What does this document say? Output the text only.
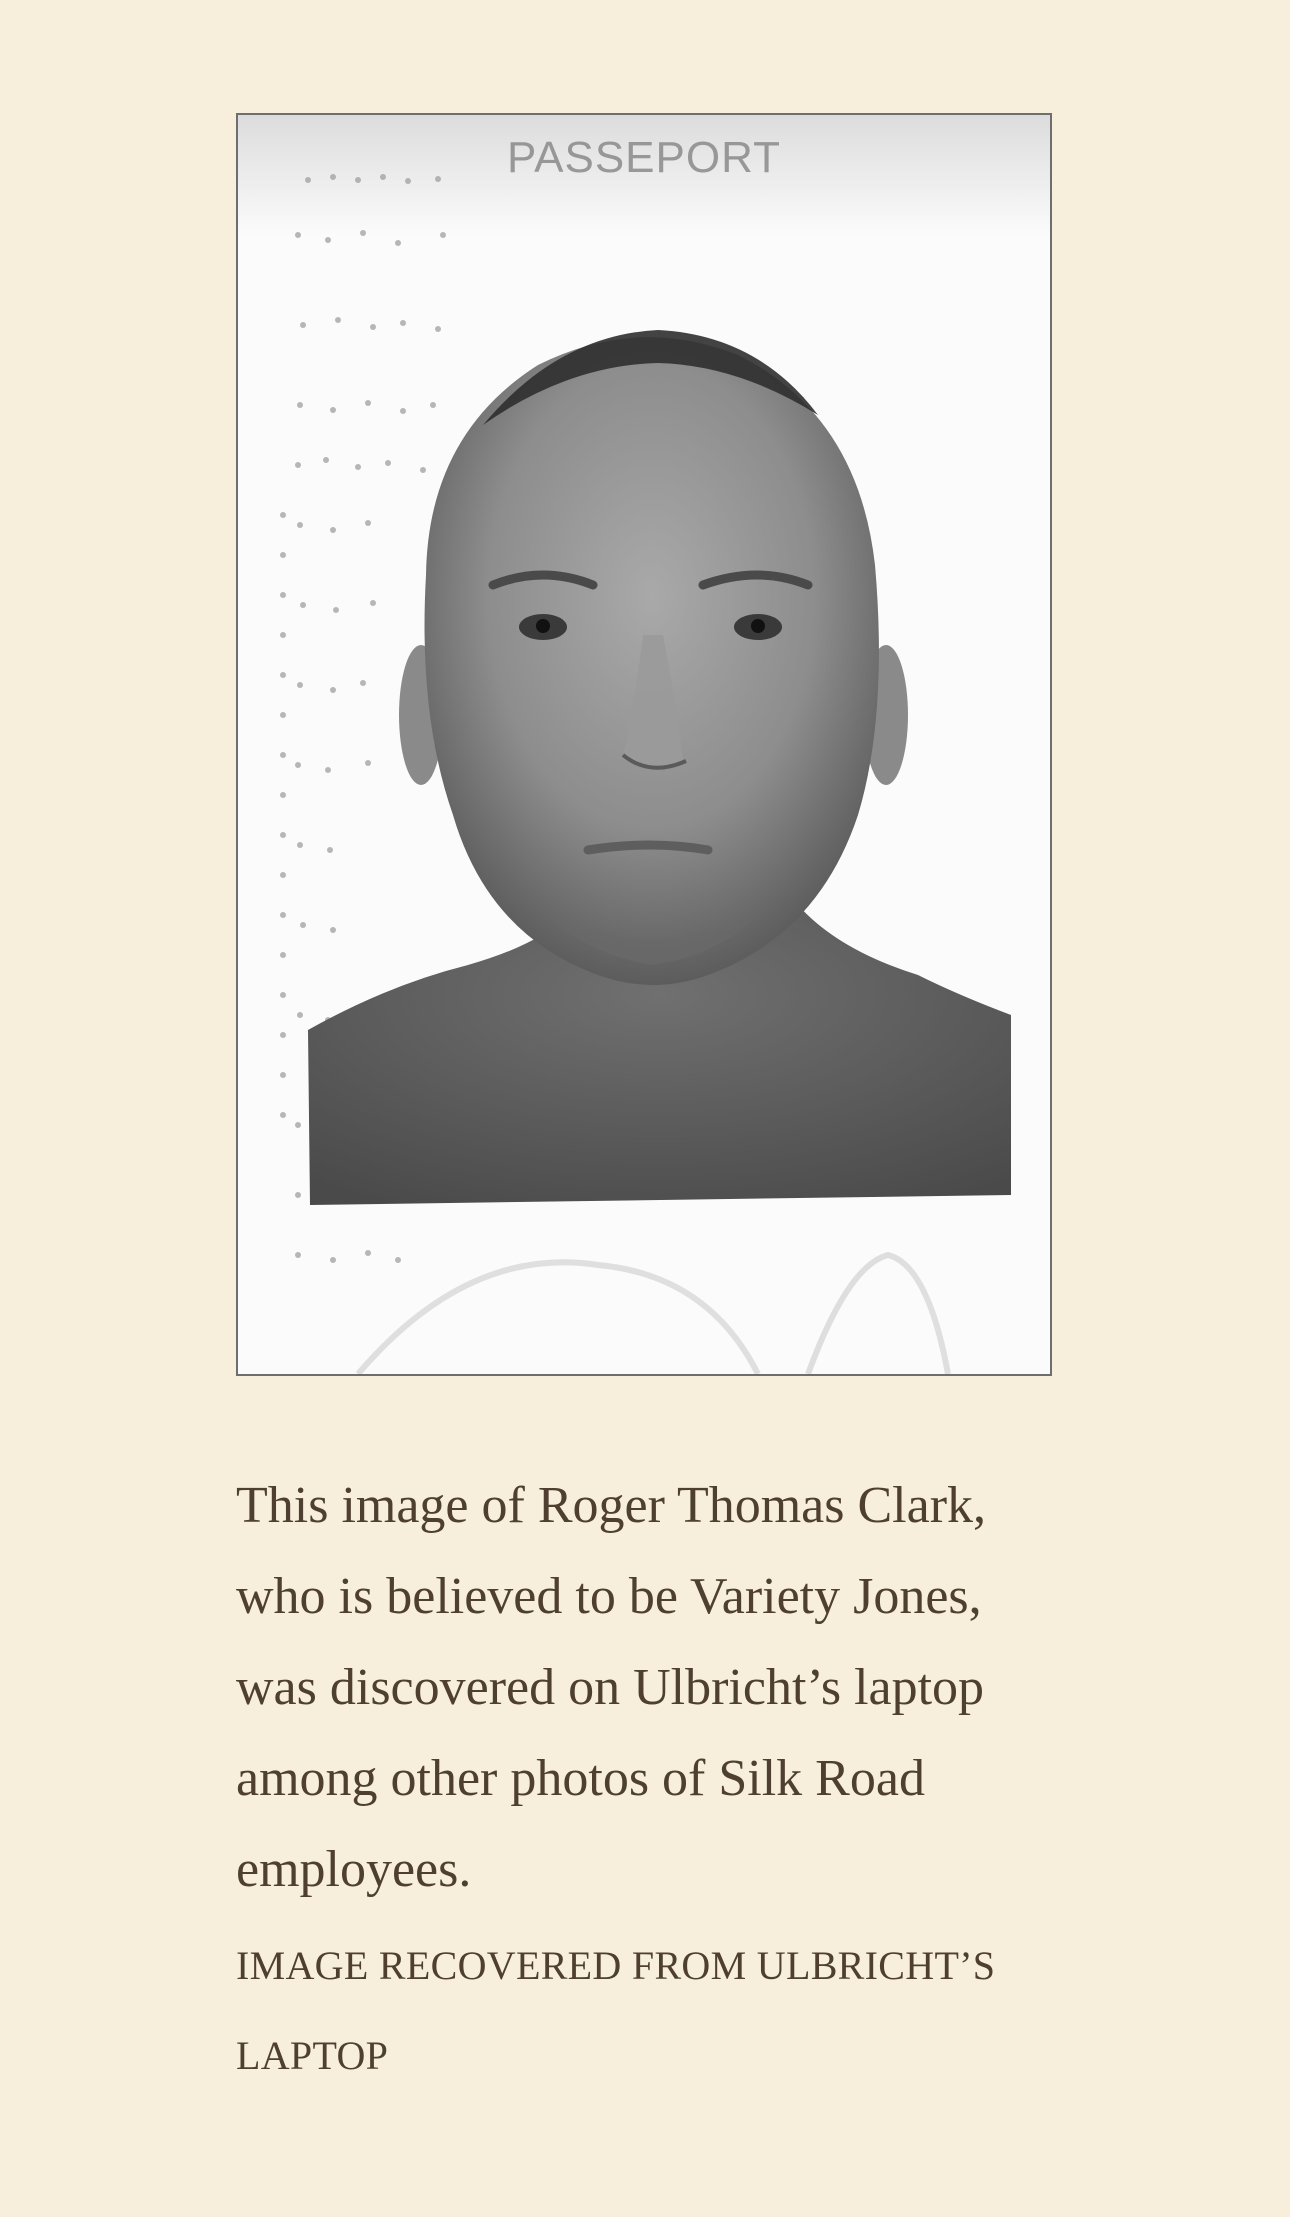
PASSEPORT
This image of Roger Thomas Clark, who is believed to be Variety Jones, was discovered on Ulbricht’s laptop among other photos of Silk Road employees.
IMAGE RECOVERED FROM ULBRICHT’S LAPTOP
